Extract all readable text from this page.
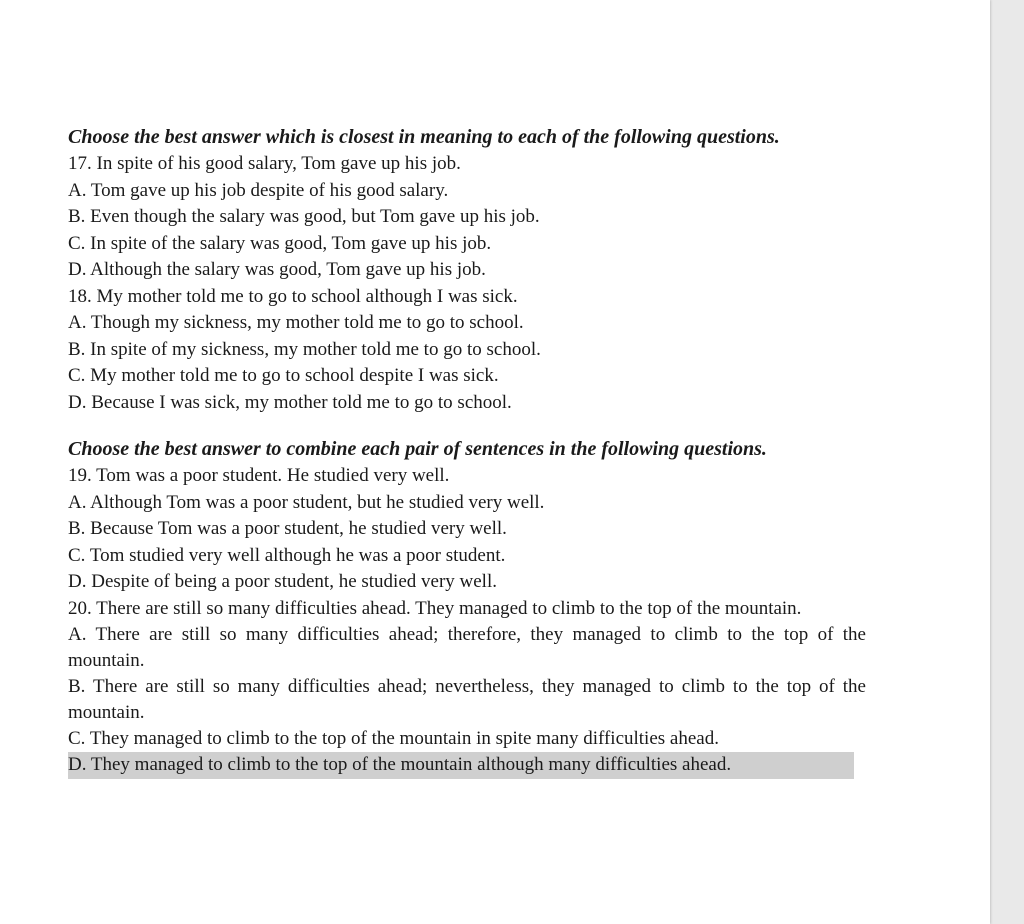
Choose the best answer which is closest in meaning to each of the following questions.

17. In spite of his good salary, Tom gave up his job.

A. Tom gave up his job despite of his good salary.

B. Even though the salary was good, but Tom gave up his job.

C. In spite of the salary was good, Tom gave up his job.

D. Although the salary was good, Tom gave up his job.

18. My mother told me to go to school although I was sick.

A. Though my sickness, my mother told me to go to school.

B. In spite of my sickness, my mother told me to go to school.

C. My mother told me to go to school despite I was sick.

D. Because I was sick, my mother told me to go to school.

Choose the best answer to combine each pair of sentences in the following questions.

19. Tom was a poor student. He studied very well.

A. Although Tom was a poor student, but he studied very well.

B. Because Tom was a poor student, he studied very well.

C. Tom studied very well although he was a poor student.

D. Despite of being a poor student, he studied very well.

20. There are still so many difficulties ahead. They managed to climb to the top of the mountain.

A. There are still so many difficulties ahead; therefore, they managed to climb to the top of the mountain.

B. There are still so many difficulties ahead; nevertheless, they managed to climb to the top of the mountain.

C. They managed to climb to the top of the mountain in spite many difficulties ahead.

D. They managed to climb to the top of the mountain although many difficulties ahead.
